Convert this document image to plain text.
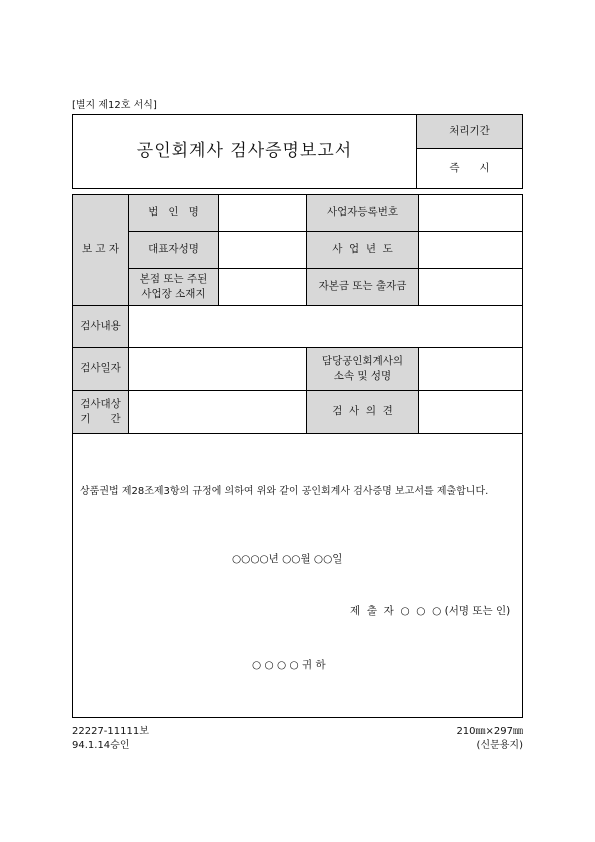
[별지 제12호 서식]
처리기간
즉      시
공인회계사 검사증명보고서
보 고 자
법   인   명	사업자등록번호
대표자성명	사  업  년  도
본점 또는 주된
사업장 소재지
자본금 또는 출자금
검사내용
검사일자
담당공인회계사의
소속 및 성명
검사대상
기      간
검  사  의  견
상품권법 제28조제3항의 규정에 의하여 위와 같이 공인회계사 검사증명 보고서를 제출합니다.
○○○○년 ○○월 ○○일
제  출  자  ○  ○  ○ (서명 또는 인)
○ ○ ○ ○ 귀 하
22227-11111보
94.1.14승인
210㎜×297㎜
(신문용지)
